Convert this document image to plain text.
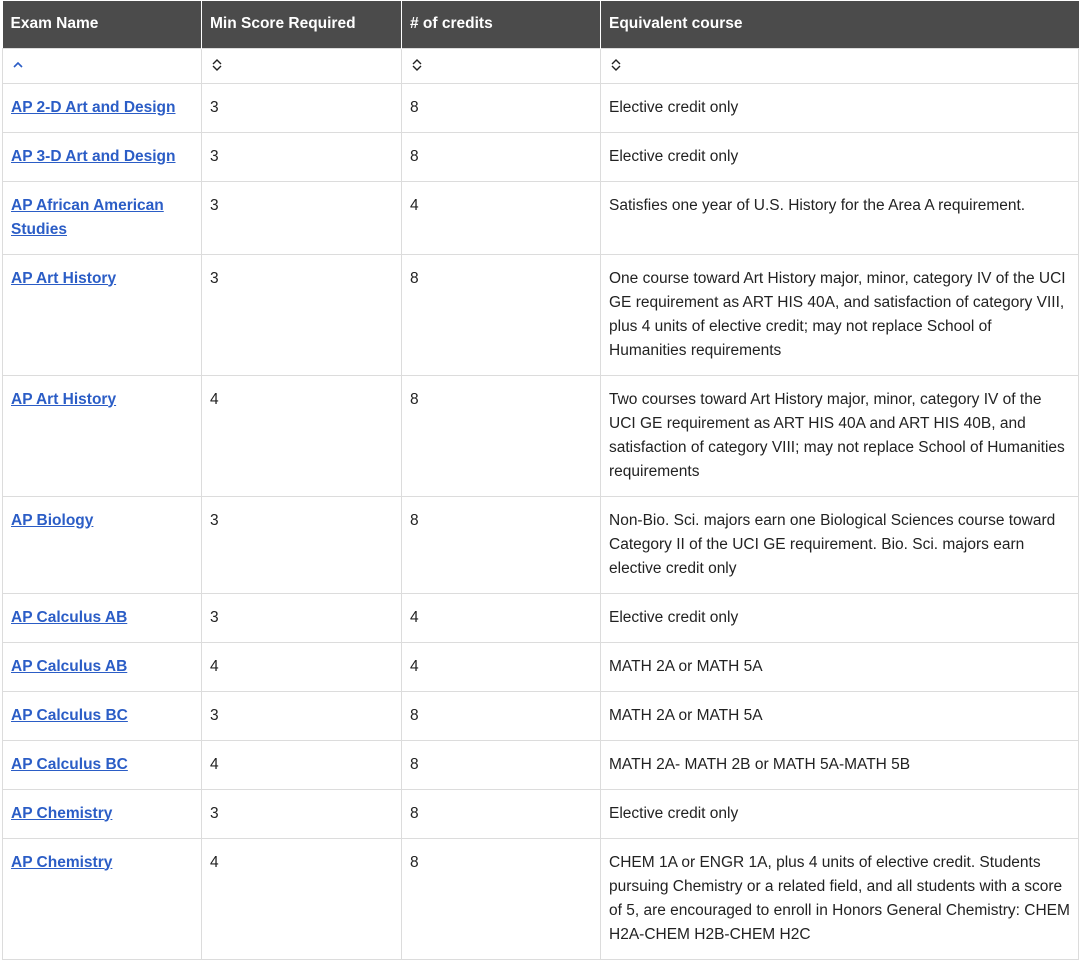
Exam Name	Min Score Required	# of credits	Equivalent course

AP 2-D Art and Design	3	8	Elective credit only
AP 3-D Art and Design	3	8	Elective credit only
AP African American Studies	3	4	Satisfies one year of U.S. History for the Area A requirement.
AP Art History	3	8	One course toward Art History major, minor, category IV of the UCI GE requirement as ART HIS 40A, and satisfaction of category VIII, plus 4 units of elective credit; may not replace School of Humanities requirements
AP Art History	4	8	Two courses toward Art History major, minor, category IV of the UCI GE requirement as ART HIS 40A and ART HIS 40B, and satisfaction of category VIII; may not replace School of Humanities requirements
AP Biology	3	8	Non-Bio. Sci. majors earn one Biological Sciences course toward Category II of the UCI GE requirement. Bio. Sci. majors earn elective credit only
AP Calculus AB	3	4	Elective credit only
AP Calculus AB	4	4	MATH 2A or MATH 5A
AP Calculus BC	3	8	MATH 2A or MATH 5A
AP Calculus BC	4	8	MATH 2A- MATH 2B or MATH 5A-MATH 5B
AP Chemistry	3	8	Elective credit only
AP Chemistry	4	8	CHEM 1A or ENGR 1A, plus 4 units of elective credit. Students pursuing Chemistry or a related field, and all students with a score of 5, are encouraged to enroll in Honors General Chemistry: CHEM H2A-CHEM H2B-CHEM H2C
